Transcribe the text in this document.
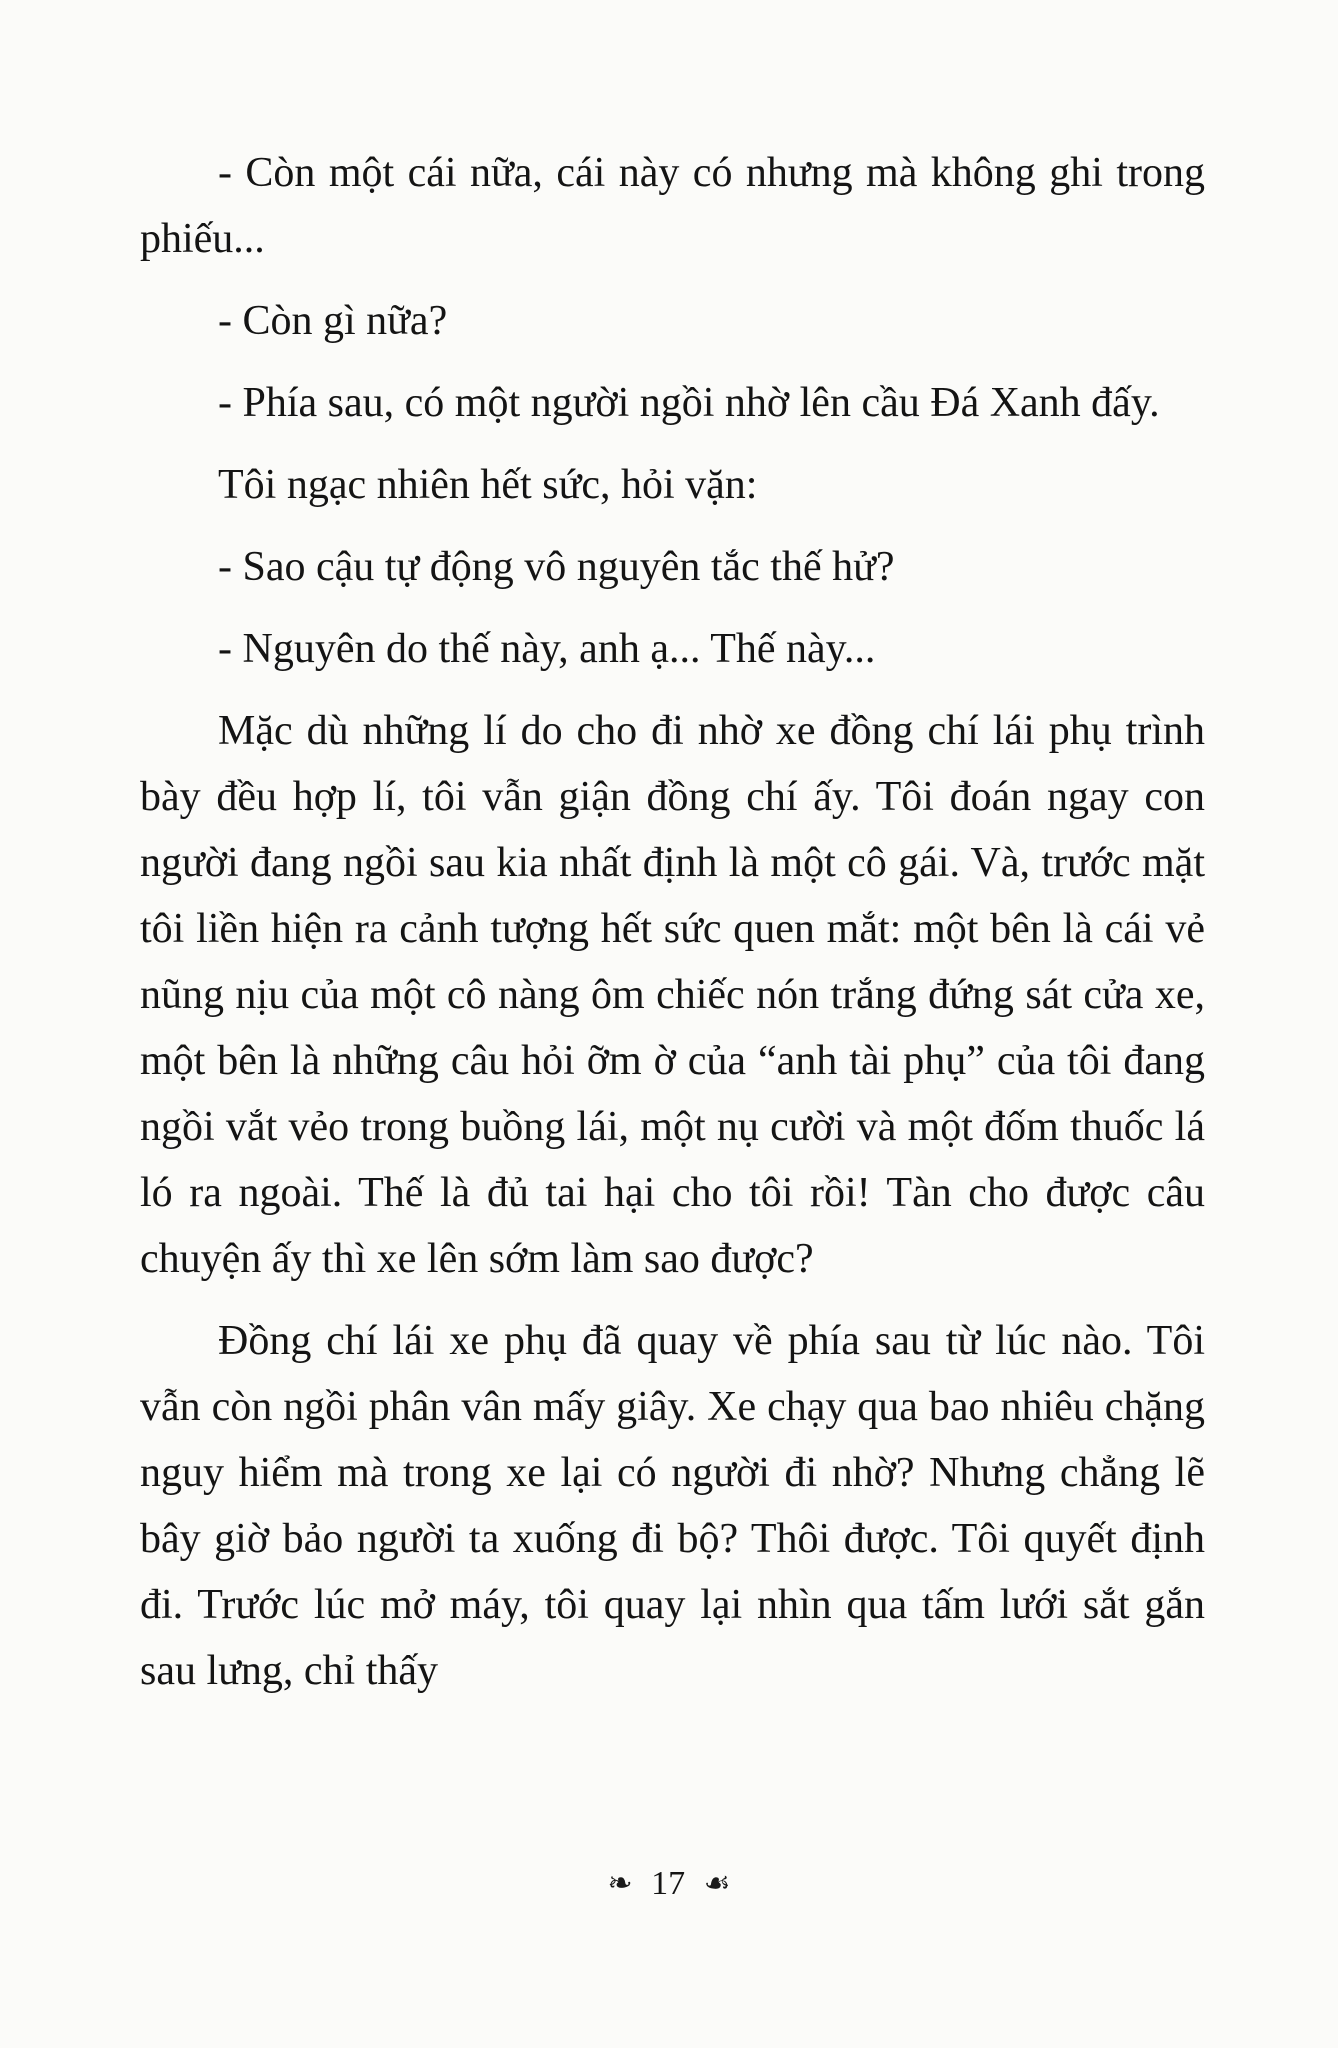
- Còn một cái nữa, cái này có nhưng mà không ghi trong phiếu...

- Còn gì nữa?

- Phía sau, có một người ngồi nhờ lên cầu Đá Xanh đấy.

Tôi ngạc nhiên hết sức, hỏi vặn:

- Sao cậu tự động vô nguyên tắc thế hử?

- Nguyên do thế này, anh ạ... Thế này...

Mặc dù những lí do cho đi nhờ xe đồng chí lái phụ trình bày đều hợp lí, tôi vẫn giận đồng chí ấy. Tôi đoán ngay con người đang ngồi sau kia nhất định là một cô gái. Và, trước mặt tôi liền hiện ra cảnh tượng hết sức quen mắt: một bên là cái vẻ nũng nịu của một cô nàng ôm chiếc nón trắng đứng sát cửa xe, một bên là những câu hỏi ỡm ờ của “anh tài phụ” của tôi đang ngồi vắt vẻo trong buồng lái, một nụ cười và một đốm thuốc lá ló ra ngoài. Thế là đủ tai hại cho tôi rồi! Tàn cho được câu chuyện ấy thì xe lên sớm làm sao được?

Đồng chí lái xe phụ đã quay về phía sau từ lúc nào. Tôi vẫn còn ngồi phân vân mấy giây. Xe chạy qua bao nhiêu chặng nguy hiểm mà trong xe lại có người đi nhờ? Nhưng chẳng lẽ bây giờ bảo người ta xuống đi bộ? Thôi được. Tôi quyết định đi. Trước lúc mở máy, tôi quay lại nhìn qua tấm lưới sắt gắn sau lưng, chỉ thấy

❧ 17 ☙
